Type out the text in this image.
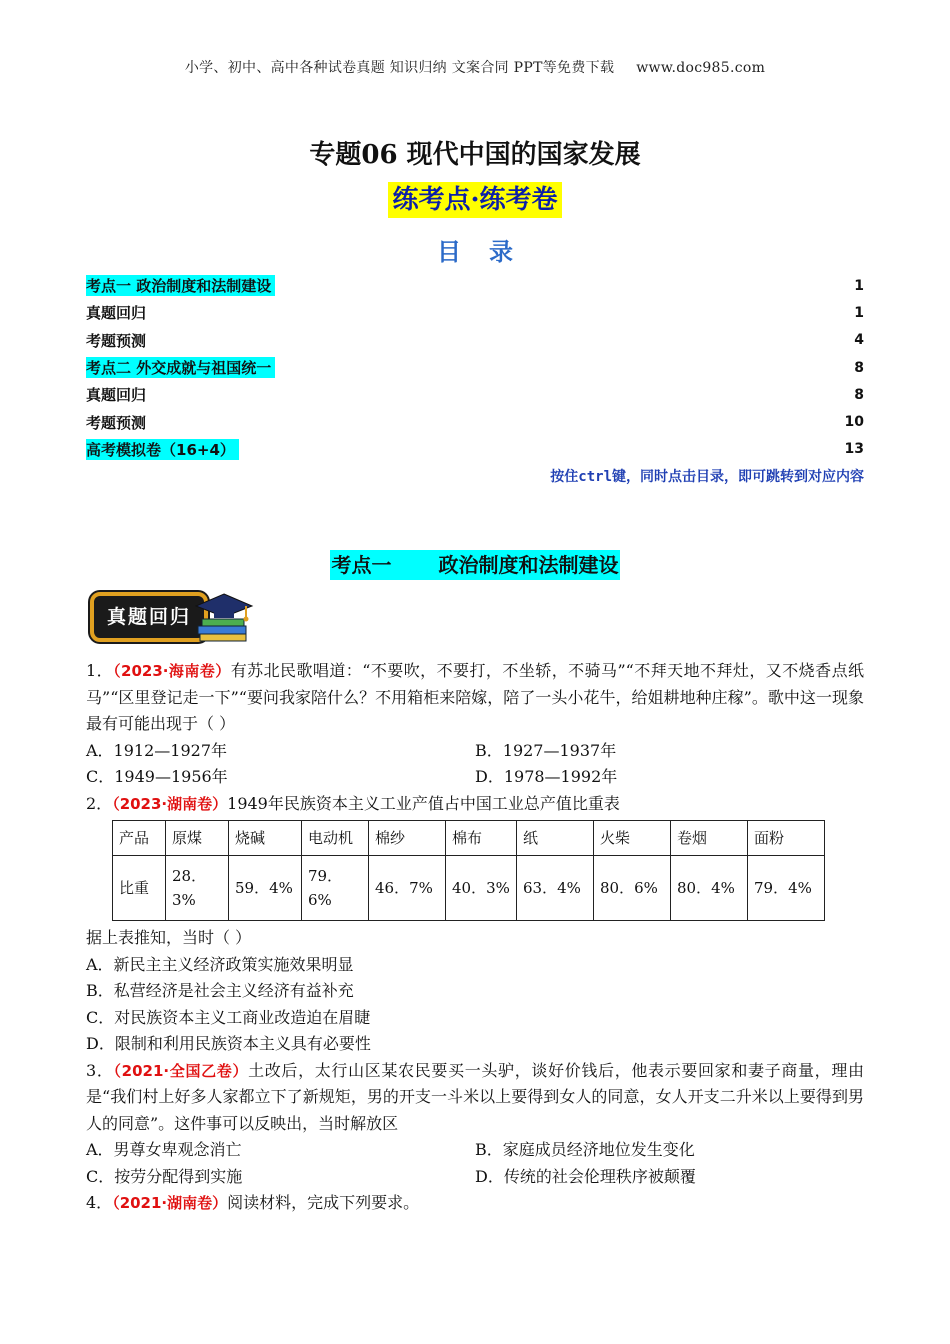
小学、初中、高中各种试卷真题 知识归纳 文案合同 PPT等免费下载 www.doc985.com
专题06 现代中国的国家发展
练考点·练考卷
目录
考点一 政治制度和法制建设	1
真题回归	1
考题预测	4
考点二 外交成就与祖国统一	8
真题回归	8
考题预测	10
高考模拟卷（16+4）	13
按住ctrl键，同时点击目录，即可跳转到对应内容
考点一 政治制度和法制建设
真题回归

1．（2023·海南卷）有苏北民歌唱道：“不要吹，不要打，不坐轿，不骑马”“不拜天地不拜灶，又不烧香点纸马”“区里登记走一下”“要问我家陪什么？不用箱柜来陪嫁，陪了一头小花牛，给姐耕地种庄稼”。歌中这一现象最有可能出现于（ ）

A．1912—1927年	B．1927—1937年
C．1949—1956年	D．1978—1992年

2．（2023·湖南卷）1949年民族资本主义工业产值占中国工业总产值比重表

产品	原煤	烧碱	电动机	棉纱	棉布	纸	火柴	卷烟	面粉
比重	28．3%	59．4%	79．6%	46．7%	40．3%	63．4%	80．6%	80．4%	79．4%

据上表推知，当时（ ）

A．新民主主义经济政策实施效果明显
B．私营经济是社会主义经济有益补充
C．对民族资本主义工商业改造迫在眉睫
D．限制和利用民族资本主义具有必要性

3．（2021·全国乙卷）土改后，太行山区某农民要买一头驴，谈好价钱后，他表示要回家和妻子商量，理由是“我们村上好多人家都立下了新规矩，男的开支一斗米以上要得到女人的同意，女人开支二升米以上要得到男人的同意”。这件事可以反映出，当时解放区

A．男尊女卑观念消亡	B．家庭成员经济地位发生变化
C．按劳分配得到实施	D．传统的社会伦理秩序被颠覆

4．（2021·湖南卷）阅读材料，完成下列要求。
